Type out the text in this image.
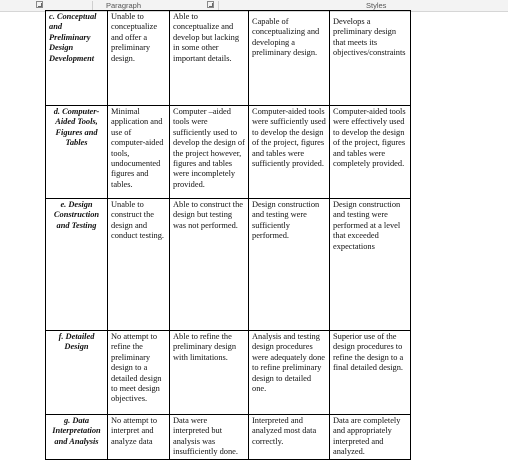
Paragraph	Styles
c. Conceptual and Preliminary Design Development	Unable to conceptualize and offer a preliminary design.	Able to conceptualize and develop but lacking in some other important details.	Capable of conceptualizing and developing a preliminary design.	Develops a preliminary design that meets its objectives/constraints
d. Computer-Aided Tools, Figures and Tables	Minimal application and use of computer-aided tools, undocumented figures and tables.	Computer –aided tools were sufficiently used to develop the design of the project however, figures and tables were incompletely provided.	Computer-aided tools were sufficiently used to develop the design of the project, figures and tables were sufficiently provided.	Computer-aided tools were effectively used to develop the design of the project, figures and tables were completely provided.
e. Design Construction and Testing	Unable to construct the design and conduct testing.	Able to construct the design but testing was not performed.	Design construction and testing were sufficiently performed.	Design construction and testing were performed at a level that exceeded expectations
f. Detailed Design	No attempt to refine the preliminary design to a detailed design to meet design objectives.	Able to refine the preliminary design with limitations.	Analysis and testing design procedures were adequately done to refine preliminary design to detailed one.	Superior use of the design procedures to refine the design to a final detailed design.
g. Data Interpretation and Analysis	No attempt to interpret and analyze data	Data were interpreted but analysis was insufficiently done.	Interpreted and analyzed most data correctly.	Data are completely and appropriately interpreted and analyzed.
